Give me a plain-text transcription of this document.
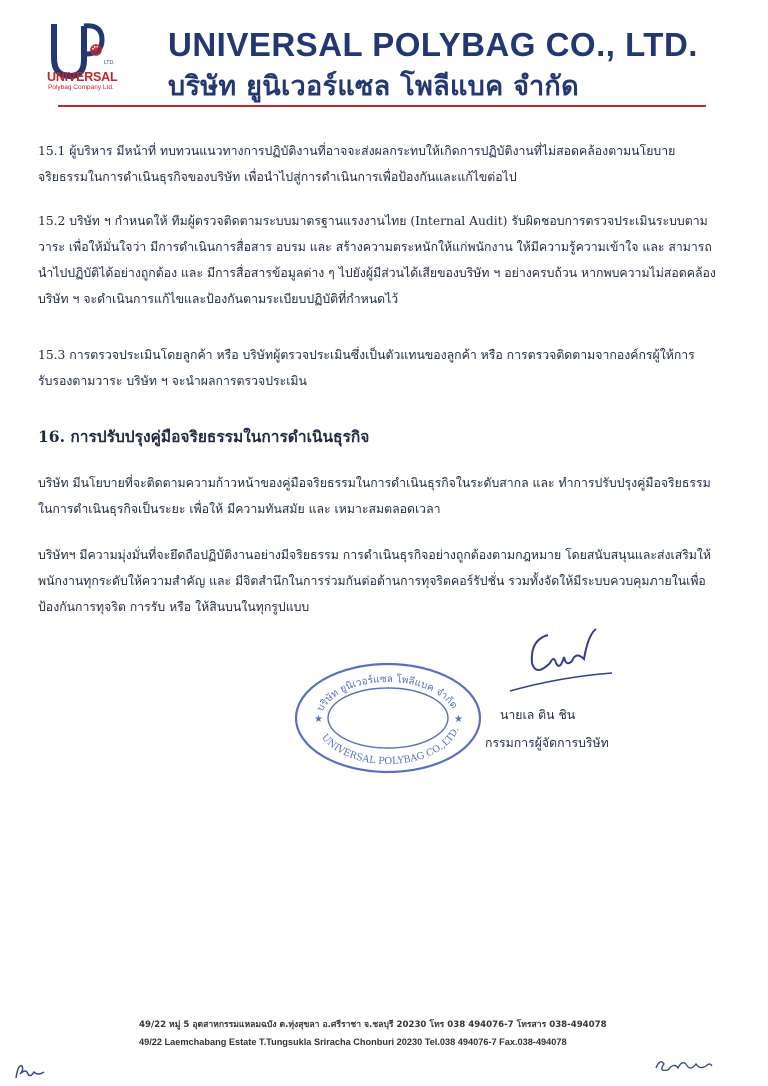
LTD.
UNIVERSAL
Polybag Company Ltd.
UNIVERSAL POLYBAG CO., LTD.
บริษัท ยูนิเวอร์แซล โพลีแบค จำกัด
15.1 ผู้บริหาร มีหน้าที่ ทบทวนแนวทางการปฏิบัติงานที่อาจจะส่งผลกระทบให้เกิดการปฏิบัติงานที่ไม่สอดคล้องตามนโยบายจริยธรรมในการดำเนินธุรกิจของบริษัท เพื่อนำไปสู่การดำเนินการเพื่อป้องกันและแก้ไขต่อไป
15.2 บริษัท ฯ กำหนดให้ ทีมผู้ตรวจติดตามระบบมาตรฐานแรงงานไทย (Internal Audit) รับผิดชอบการตรวจประเมินระบบตามวาระ เพื่อให้มั่นใจว่า มีการดำเนินการสื่อสาร อบรม และ สร้างความตระหนักให้แก่พนักงาน ให้มีความรู้ความเข้าใจ และ สามารถ นำไปปฏิบัติได้อย่างถูกต้อง และ มีการสื่อสารข้อมูลต่าง ๆ ไปยังผู้มีส่วนได้เสียของบริษัท ฯ อย่างครบถ้วน หากพบความไม่สอดคล้อง บริษัท ฯ จะดำเนินการแก้ไขและป้องกันตามระเบียบปฏิบัติที่กำหนดไว้
15.3 การตรวจประเมินโดยลูกค้า หรือ บริษัทผู้ตรวจประเมินซึ่งเป็นตัวแทนของลูกค้า หรือ การตรวจติดตามจากองค์กรผู้ให้การรับรองตามวาระ บริษัท ฯ จะนำผลการตรวจประเมิน
16. การปรับปรุงคู่มือจริยธรรมในการดำเนินธุรกิจ
บริษัท มีนโยบายที่จะติดตามความก้าวหน้าของคู่มือจริยธรรมในการดำเนินธุรกิจในระดับสากล และ ทำการปรับปรุงคู่มือจริยธรรมในการดำเนินธุรกิจเป็นระยะ เพื่อให้ มีความทันสมัย และ เหมาะสมตลอดเวลา
บริษัทฯ มีความมุ่งมั่นที่จะยึดถือปฏิบัติงานอย่างมีจริยธรรม การดำเนินธุรกิจอย่างถูกต้องตามกฎหมาย โดยสนับสนุนและส่งเสริมให้พนักงานทุกระดับให้ความสำคัญ และ มีจิตสำนึกในการร่วมกันต่อต้านการทุจริตคอร์รัปชั่น รวมทั้งจัดให้มีระบบควบคุมภายในเพื่อป้องกันการทุจริต การรับ หรือ ให้สินบนในทุกรูปแบบ
บริษัท ยูนิเวอร์แซล โพลีแบค จำกัด
UNIVERSAL POLYBAG CO.,LTD.
★	★	นายเล ติน ชิน
กรรมการผู้จัดการบริษัท
49/22 หมู่ 5 อุตสาหกรรมแหลมฉบัง ต.ทุ่งสุขลา อ.ศรีราชา จ.ชลบุรี 20230 โทร 038 494076-7 โทรสาร 038-494078
49/22 Laemchabang Estate T.Tungsukla Sriracha Chonburi 20230 Tel.038 494076-7 Fax.038-494078
